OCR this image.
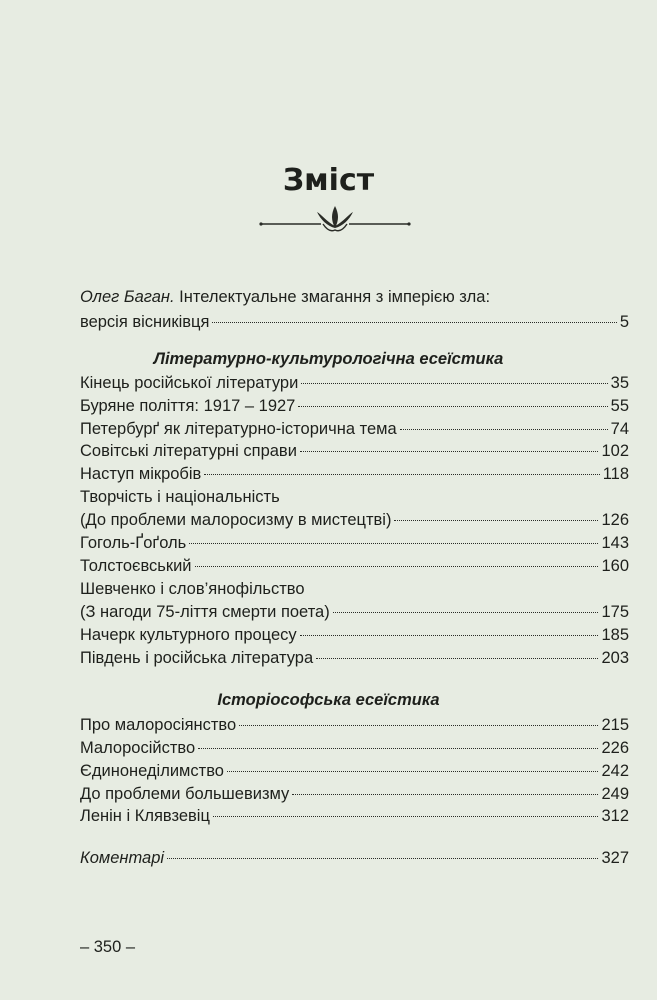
Зміст
Олег Баган. Інтелектуальне змагання з імперією зла:
версія вісниківця	5
Літературно-культурологічна есеїстика
Кінець російської літератури	35
Буряне поліття: 1917 – 1927	55
Петербурґ як літературно-історична тема	74
Совітські літературні справи	102
Наступ мікробів	118
Творчість і національність
(До проблеми малоросизму в мистецтві)	126
Гоголь-Ґоґоль	143
Толстоєвський	160
Шевченко і слов’янофільство
(З нагоди 75-ліття смерти поета)	175
Начерк культурного процесу	185
Південь і російська література	203
Історіософська есеїстика
Про малоросіянство	215
Малоросійство	226
Єдинонеділимство	242
До проблеми большевизму	249
Ленін і Клявзевіц	312
Коментарі	327
– 350 –
